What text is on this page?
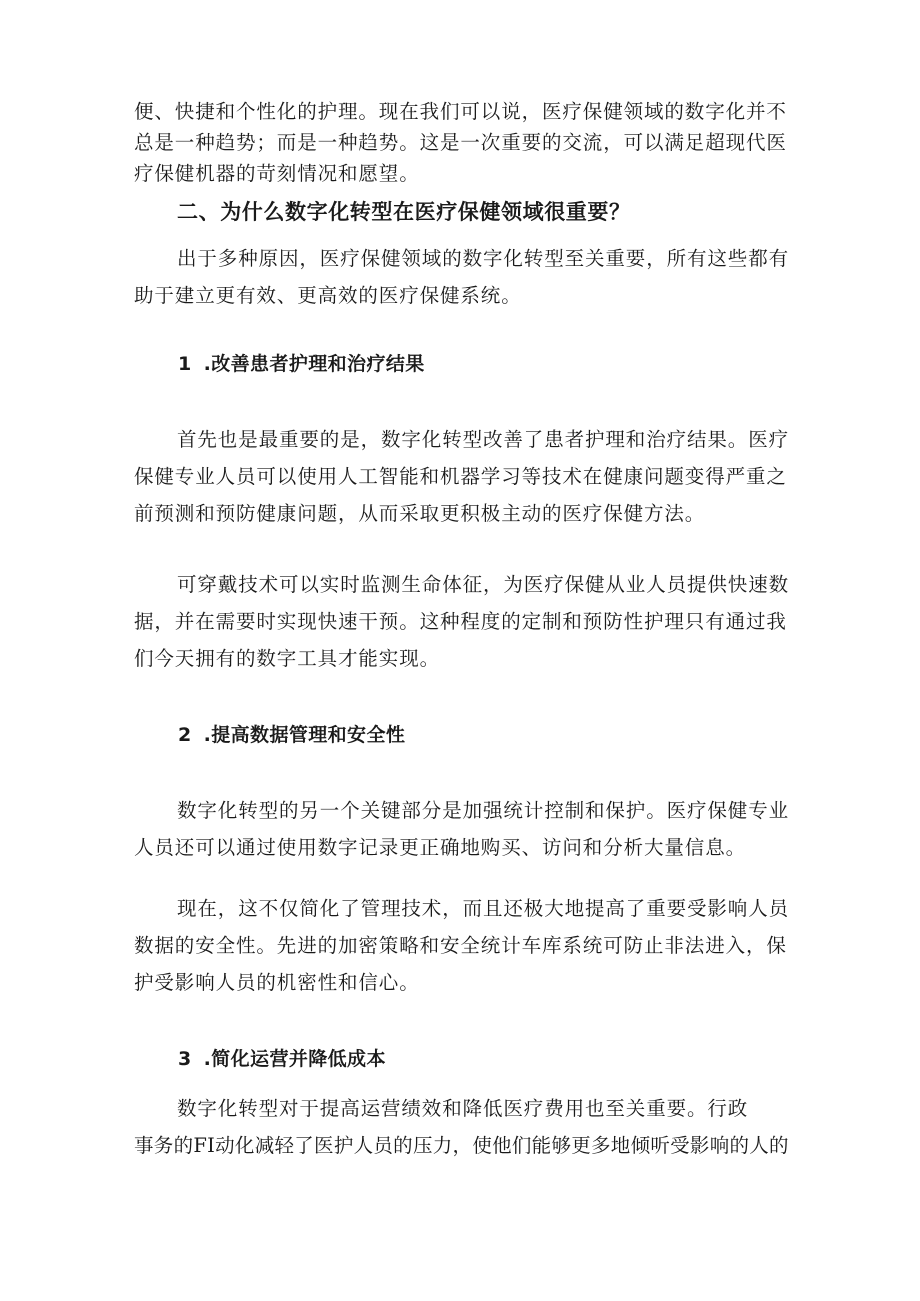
便、快捷和个性化的护理。现在我们可以说，医疗保健领域的数字化并不
总是一种趋势；而是一种趋势。这是一次重要的交流，可以满足超现代医
疗保健机器的苛刻情况和愿望。

二、为什么数字化转型在医疗保健领域很重要？

出于多种原因，医疗保健领域的数字化转型至关重要，所有这些都有
助于建立更有效、更高效的医疗保健系统。

1 .改善患者护理和治疗结果

首先也是最重要的是，数字化转型改善了患者护理和治疗结果。医疗
保健专业人员可以使用人工智能和机器学习等技术在健康问题变得严重之
前预测和预防健康问题，从而采取更积极主动的医疗保健方法。

可穿戴技术可以实时监测生命体征，为医疗保健从业人员提供快速数
据，并在需要时实现快速干预。这种程度的定制和预防性护理只有通过我
们今天拥有的数字工具才能实现。

2 .提高数据管理和安全性

数字化转型的另一个关键部分是加强统计控制和保护。医疗保健专业
人员还可以通过使用数字记录更正确地购买、访问和分析大量信息。

现在，这不仅简化了管理技术，而且还极大地提高了重要受影响人员
数据的安全性。先进的加密策略和安全统计车库系统可防止非法进入，保
护受影响人员的机密性和信心。

3 .简化运营并降低成本

数字化转型对于提高运营绩效和降低医疗费用也至关重要。行政
事务的FI动化减轻了医护人员的压力，使他们能够更多地倾听受影响的人的
